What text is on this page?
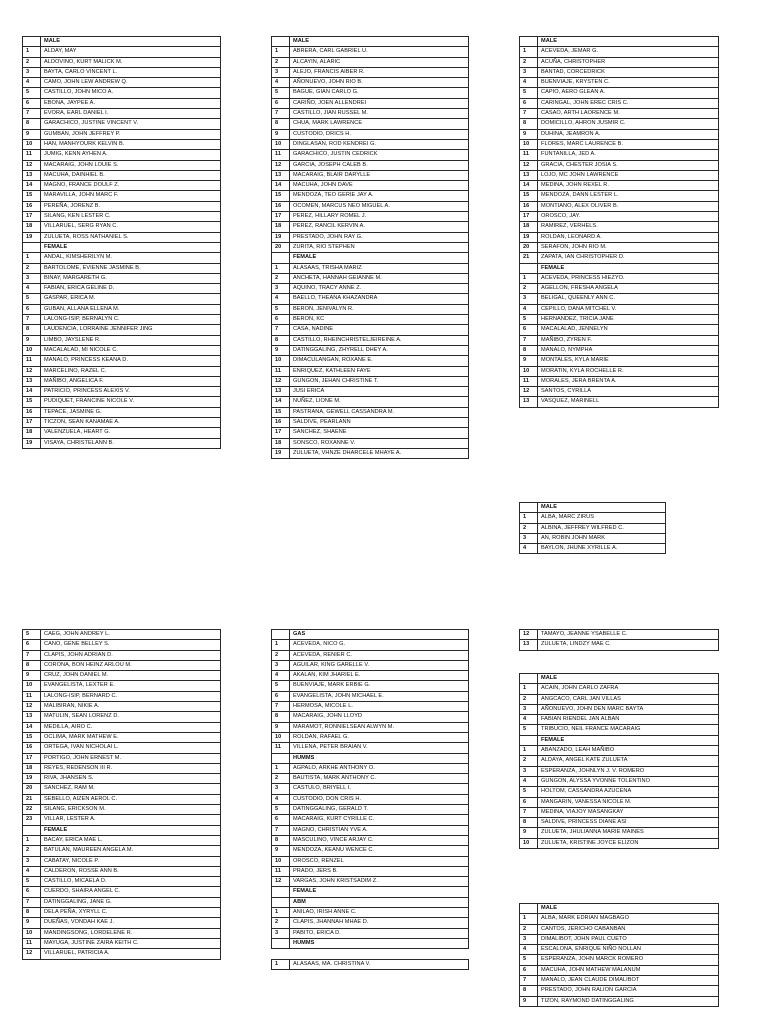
	MALE
1	ALDAY, MAY
2	ALDOVINO, KURT MALICK M.
3	BAYTA, CARLO VINCENT L.
4	CAMO, JOHN LEW ANDREW Q.
5	CASTILLO, JOHN MICO A.
6	EBONA, JAYPEE A.
7	EVORA, EARL DANIEL I.
8	GARACHICO, JUSTINE VINCENT V.
9	GUMBAN, JOHN JEFFREY P.
10	HAN, MANHYOURK KELVIN B.
11	JUMIG, KENN AYHEN A.
12	MACARAIG, JOHN LOUIE S.
13	MACUHA, DAINHIEL B.
14	MAGNO, FRANCE DOULF Z.
15	MARAVILLA, JOHN MARC F.
16	PEREÑA, JORENZ B.
17	SILANG, KEN LESTER C.
18	VILLARUEL, SERG RYAN C.
19	ZULUETA, ROSS NATHANIEL S.
	FEMALE
1	ANDAL, KIMSHERILYN M.
2	BARTOLOME, EVIENNE JASMINE B.
3	BINAY, MARGARETH G.
4	FABIAN, ERICA GELINE D.
5	GASPAR, ERICA M.
6	GUBAN, ALLANA ELLENA M.
7	LALONG-ISIP, BERNALYN C.
8	LAUDENCIA, LORRAINE JENNIFER JING
9	LIMBO, JAYSLENE R.
10	MACALALAD, MI NICOLE C.
11	MANALO, PRINCESS KEANA D.
12	MARCELINO, RAZEL C.
13	MAÑIBO, ANGELICA F.
14	PATRICIO, PRINCESS ALEXIS V.
15	PUDIQUET, FRANCINE NICOLE V.
16	TEPACE, JASMINE G.
17	TICZON, SEAN KANAMAE A.
18	VALENZUELA, HEART G.
19	VISAYA, CHRISTELANN B.
	MALE
1	ABRERA, CARL GABRIEL U.
2	ALCAYIN, ALARIC
3	ALEJO, FRANCIS AIBER R.
4	AÑONUEVO, JOHN RIO B.
5	BAGUE, GIAN CARLO G.
6	CARIÑO, JOEN ALLENDREI
7	CASTILLO, JIAN RUSSEL M.
8	CHUA, MARK LAWRENCE
9	CUSTODIO, DRICS H.
10	DINGLASAN, ROD KENDREI G.
11	GARACHICO, JUSTIN CEDRICK
12	GARCIA, JOSEPH CALEB B.
13	MACARAIG, BLAIR DARYLLE
14	MACUHA, JOHN DAVE
15	MENDOZA, TEO GERIE JAY A.
16	OCOMEN, MARCUS NEO MIGUEL A.
17	PEREZ, HILLARY ROMEL J.
18	PEREZ, RANCIL KERVIN A.
19	PRESTADO, JOHN RAY G.
20	ZURITA, RIO STEPHEN
	FEMALE
1	ALASAAS, TRISHA MARIZ
2	ANCHETA, HANNAH GEIANNE M.
3	AQUINO, TRACY ANNE Z.
4	BAELLO, THEANA KHAZANDRA
5	BERON, JENIVALYN R.
6	BERON, KC
7	CASA, NADINE
8	CASTILLO, RHEINCHRISTELJEIREINE A.
9	DATINGGALING, ZHYRELL DHEY A.
10	DIMACULANGAN, ROXANE E.
11	ENRIQUEZ, KATHLEEN FAYE
12	GUNGON, JEHAN CHRISTINE T.
13	JUSI ERICA
14	NUÑEZ, LIONE M.
15	PASTRANA, GEWELL CASSANDRA M.
16	SALDIVE, PEARLANN
17	SANCHEZ, SHAENE
18	SONSCO, ROXANNE V.
19	ZULUETA, VHNZE DHARCELE MHAYE A.
	MALE
1	ACEVEDA, JEMAR G.
2	ACUÑA, CHRISTOPHER
3	BANTAD, CORCEDRICK
4	BUENVIAJE, KRYSTEN C.
5	CAPIO, AERO GLEAN A.
6	CARINGAL, JOHN EREC CRIS C.
7	CASAO, ARTH LAORENCE M.
8	DOMICILLO, AHRON JUSMIR C.
9	DUHINA, JEAMRON A.
10	FLORES, MARC LAURENCE B.
11	FUNTANILLA, JED A.
12	GRACIA, CHESTER JOSIA S.
13	LOJO, MC JOHN LAWRENCE
14	MEDINA, JOHN REXEL R.
15	MENDOZA, DANN LESTER L.
16	MONTIANO, ALEX OLIVER B.
17	OROSCO, JAY.
18	RAMIREZ, VERHELS.
19	ROLDAN, LEONARD A.
20	SERAFON, JOHN RIO M.
21	ZAPATA, IAN CHRISTOPHER D.
	FEMALE
1	ACEVEDA, PRINCESS HIEZYO.
2	AGELLON, FRESHA ANGELA
3	BELIGAL, QUEENLY ANN C.
4	CEPILLO, DANA MITCHEL V.
5	HERNANDEZ, TRICIA JANE
6	MACALALAD, JENNELYN
7	MAÑIBO, ZYREN F.
8	MANALO, NYMPHA
9	MONTALES, KYLA MARIE
10	MORATIN, KYLA ROCHELLE R.
11	MORALES, JERA BRENTA A.
12	SANTOS, CYRILLA
13	VASQUEZ, MARINELL
	MALE
1	ALBA, MARC ZIRUS
2	ALBINA, JEFFREY WILFRED C.
3	AN, ROBIN JOHN MARK
4	BAYLON, JHUNE XYRILLE A.
5	CAEG, JOHN ANDREY L.
6	CANO, GENE BELLEY S.
7	CLAPIS, JOHN ADRIAN D.
8	CORONA, BON HEINZ ARLOU M.
9	CRUZ, JOHN DANIEL M.
10	EVANGELISTA, LEXTER E.
11	LALONG-ISIP, BERNARD C.
12	MALIBIRAN, NIKIE A.
13	MATULIN, SEAN LORENZ D.
14	MEDILLA, AIRO C.
15	OCLIMA, MARK MATHEW E.
16	ORTEGA, IVAN NICHOLAI L.
17	PORTIGO, JOHN ERNEST M.
18	REYES, REDENSON III R.
19	RIVA, JHANSEN S.
20	SANCHEZ, RAM M.
21	SEBELLO, AIZEN AEROL C.
22	SILANG, ERICKSON M.
23	VILLAR, LESTER A.
	FEMALE
1	BACAY, ERICA MAE L.
2	BATULAN, MAUREEN ANGELA M.
3	CABATAY, NICOLE P.
4	CALDERON, ROSSE ANN B.
5	CASTILLO, MICAELA D.
6	CUERDO, SHAIRA ANGEL C.
7	DATINGGALING, JANE G.
8	DELA PEÑA, XYRYLL C.
9	DUEÑAS, VONDAH KAE J.
10	MANDINGSONG, LORDELENE R.
11	MAYUGA, JUSTINE ZAIRA KEITH C.
12	VILLARUEL, PATRICIA A.
	GAS
1	ACEVEDA, NICO G.
2	ACEVEDA, RENIER C.
3	AGUILAR, KING GARELLE V.
4	AKALAN, KIM JHARIEL E.
5	BUENVIAJE, MARK ERBIE G.
6	EVANGELISTA, JOHN MICHAEL E.
7	HERMOSA, MICOLE L.
8	MACARAIG, JOHN LLOYD
9	MARAMOT, RONNIELSEAN ALWYN M.
10	ROLDAN, RAFAEL G.
11	VILLENA, PETER BRAIAN V.
	HUMMS
1	AGPALO, ARKHE ANTHONY O.
2	BAUTISTA, MARK ANTHONY C.
3	CASTULO, BRIYELL I.
4	CUSTODIO, DON CRIS H.
5	DATINGGALING, GERALD T.
6	MACARAIG, KURT CYRILLE C.
7	MAGNO, CHRISTIAN YVE A.
8	MASCULINO, VINCE ARJAY C.
9	MENDOZA, KEANU WENCE C.
10	OROSCO, RENZEL
11	PRADO, JERS B.
12	VARGAS, JOHN KRISTSADIM Z.
	FEMALE
	ABM
1	ANILAO, IRISH ANNE C.
2	CLAPIS, JHANNAH MHAE D.
3	PABITO, ERICA D.
	HUMMS

1	ALASAAS, MA. CHRISTINA V.
12	TAMAYO, JEANNE YSABELLE C.
13	ZULUETA, LINDZY MAE C.
	MALE
1	ACAIN, JOHN CARLO ZAFRA
2	ANGCACO, CARL JAN VILLAS
3	AÑONUEVO, JOHN DEN MARC BAYTA
4	FABIAN RIENDEL JAN ALBAN
5	TRIBUCIO, NEIL FRANCE MACARAIG
	FEMALE
1	ABANZADO, LEAH MAÑIBO
2	ALDAYA, ANGEL KATE ZULUETA
3	ESPERANZA, JOHNLYN J. V. ROMERO
4	GUNGON, ALYSSA YVONNE TOLENTINO
5	HOLTOM, CASSANDRA AZUCENA
6	MANGARIN, VANESSA NICOLE M.
7	MEDINA, VIAJOY MASANGKAY
8	SALDIVE, PRINCESS DIANE ASI
9	ZULUETA, JHULIANNA MARIE MAINES
10	ZULUETA, KRISTINE JOYCE ELIZON
	MALE
1	ALBA, MARK EDRIAN MAGBAGO
2	CANTOS, JERICHO CABANBAN
3	DIMALIBOT, JOHN PAUL CUETO
4	ESCALONA, ENRIQUE NIÑO NOLLAN
5	ESPERANZA, JOHN MARCK ROMERO
6	MACUHA, JOHN MATHEW MALANUM
7	MANALO, JEAN CLAUDE DIMALIBOT
8	PRESTADO, JOHN RALION GARCIA
9	TIZON, RAYMOND DATINGGALING
